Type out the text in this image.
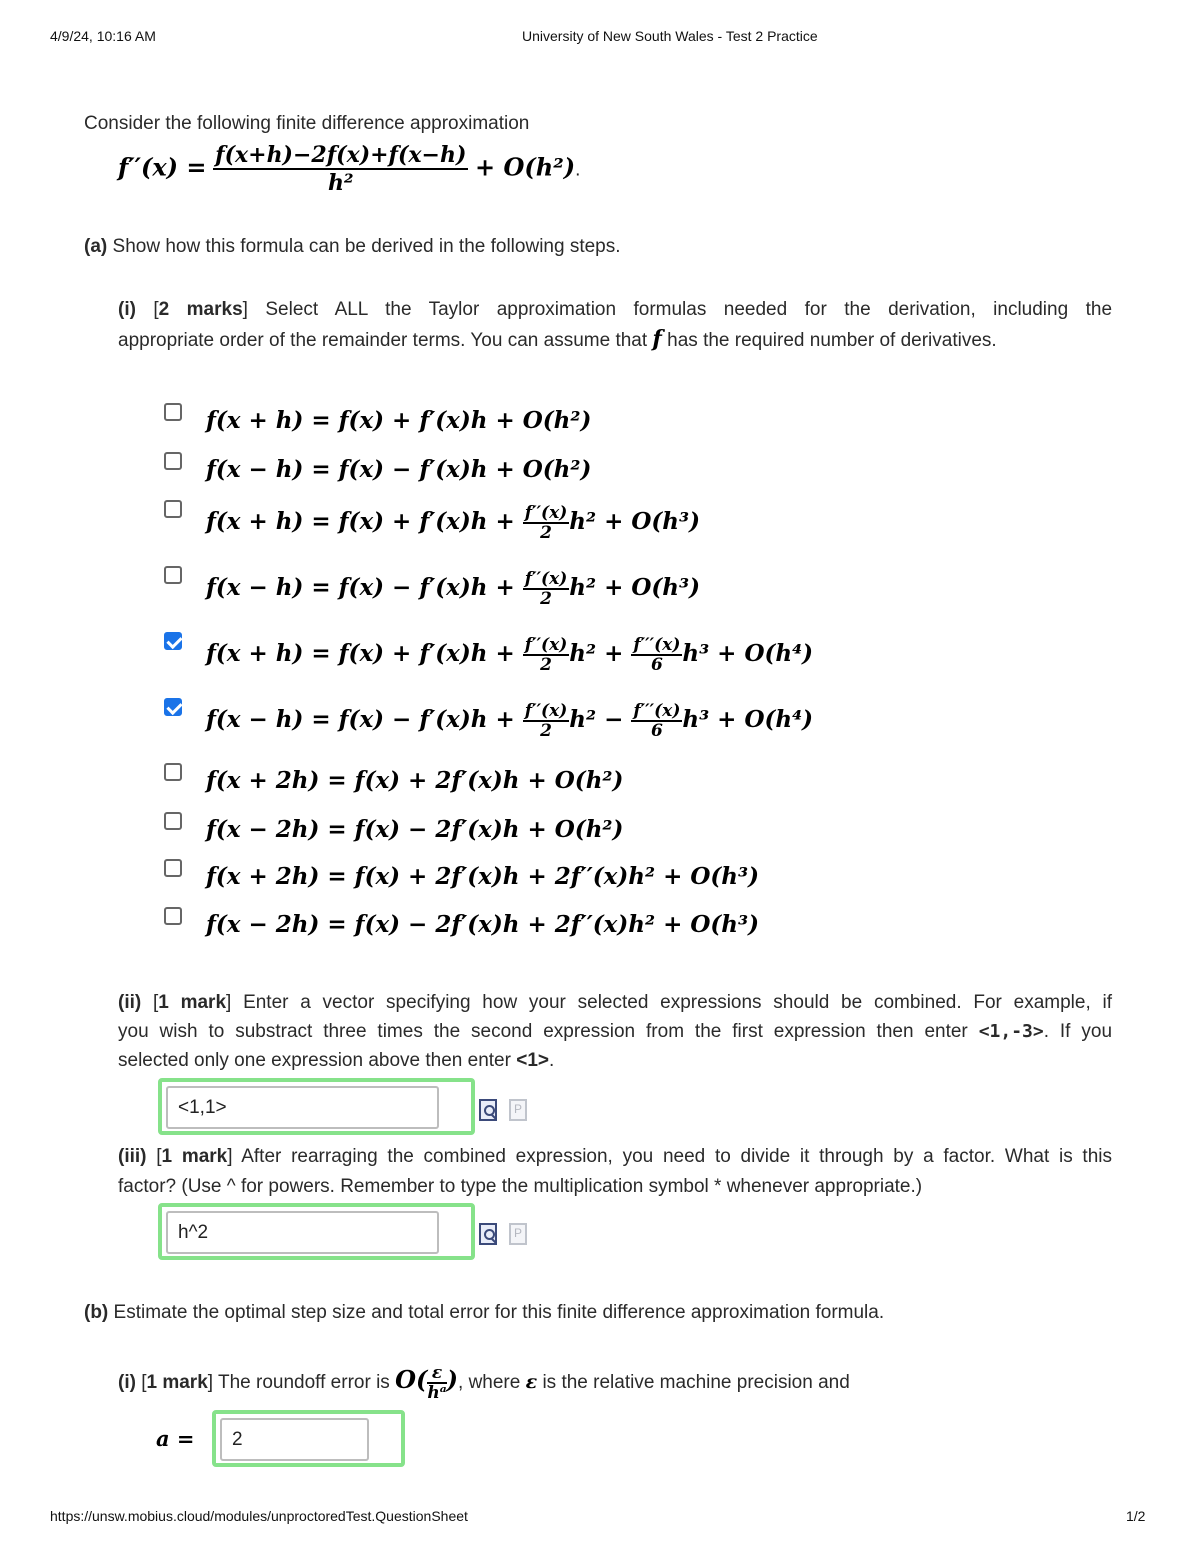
4/9/24, 10:16 AM	University of New South Wales - Test 2 Practice
Consider the following finite difference approximation
$f''(x) = \frac{f(x+h)-2f(x)+f(x-h)}{\text{h²}} + O(h^2)$.
(a) Show how this formula can be derived in the following steps.
(i) [2 marks] Select ALL the Taylor approximation formulas needed for the derivation, including the
appropriate order of the remainder terms. You can assume that f has the required number of derivatives.
f(x + h) = f(x) + f′(x)h + O(h²)
f(x − h) = f(x) − f′(x)h + O(h²)
$f(x + h) = f(x) + f'(x)h + \frac{f''(x)}{2} h^2 + O(h^3)$
$f(x - h) = f(x) - f'(x)h + \frac{f''(x)}{2} h^2 + O(h^3)$
$f(x + h) = f(x) + f'(x)h + \frac{f''(x)}{2} h^2 + \frac{f'''(x)}{6} h^3 + O(h^4)$
$f(x - h) = f(x) - f'(x)h + \frac{f''(x)}{2} h^2 - \frac{f'''(x)}{6} h^3 + O(h^4)$
f(x + 2h) = f(x) + 2f′(x)h + O(h²)
f(x − 2h) = f(x) − 2f′(x)h + O(h²)
f(x + 2h) = f(x) + 2f′(x)h + 2f′′(x)h² + O(h³)
f(x − 2h) = f(x) − 2f′(x)h + 2f′′(x)h² + O(h³)
(ii) [1 mark] Enter a vector specifying how your selected expressions should be combined. For example, if
you wish to substract three times the second expression from the first expression then enter <1,-3>. If you
selected only one expression above then enter <1>.
<1,1>
P
(iii) [1 mark] After rearraging the combined expression, you need to divide it through by a factor. What is this
factor? (Use ^ for powers. Remember to type the multiplication symbol * whenever appropriate.)
h^2
P
(b) Estimate the optimal step size and total error for this finite difference approximation formula.
(i) [1 mark] The roundoff error is $O( \frac{\varepsilon}{\text{hᵃ}}$ ), where ε is the relative machine precision and
a =
2
https://unsw.mobius.cloud/modules/unproctoredTest.QuestionSheet	1/2
